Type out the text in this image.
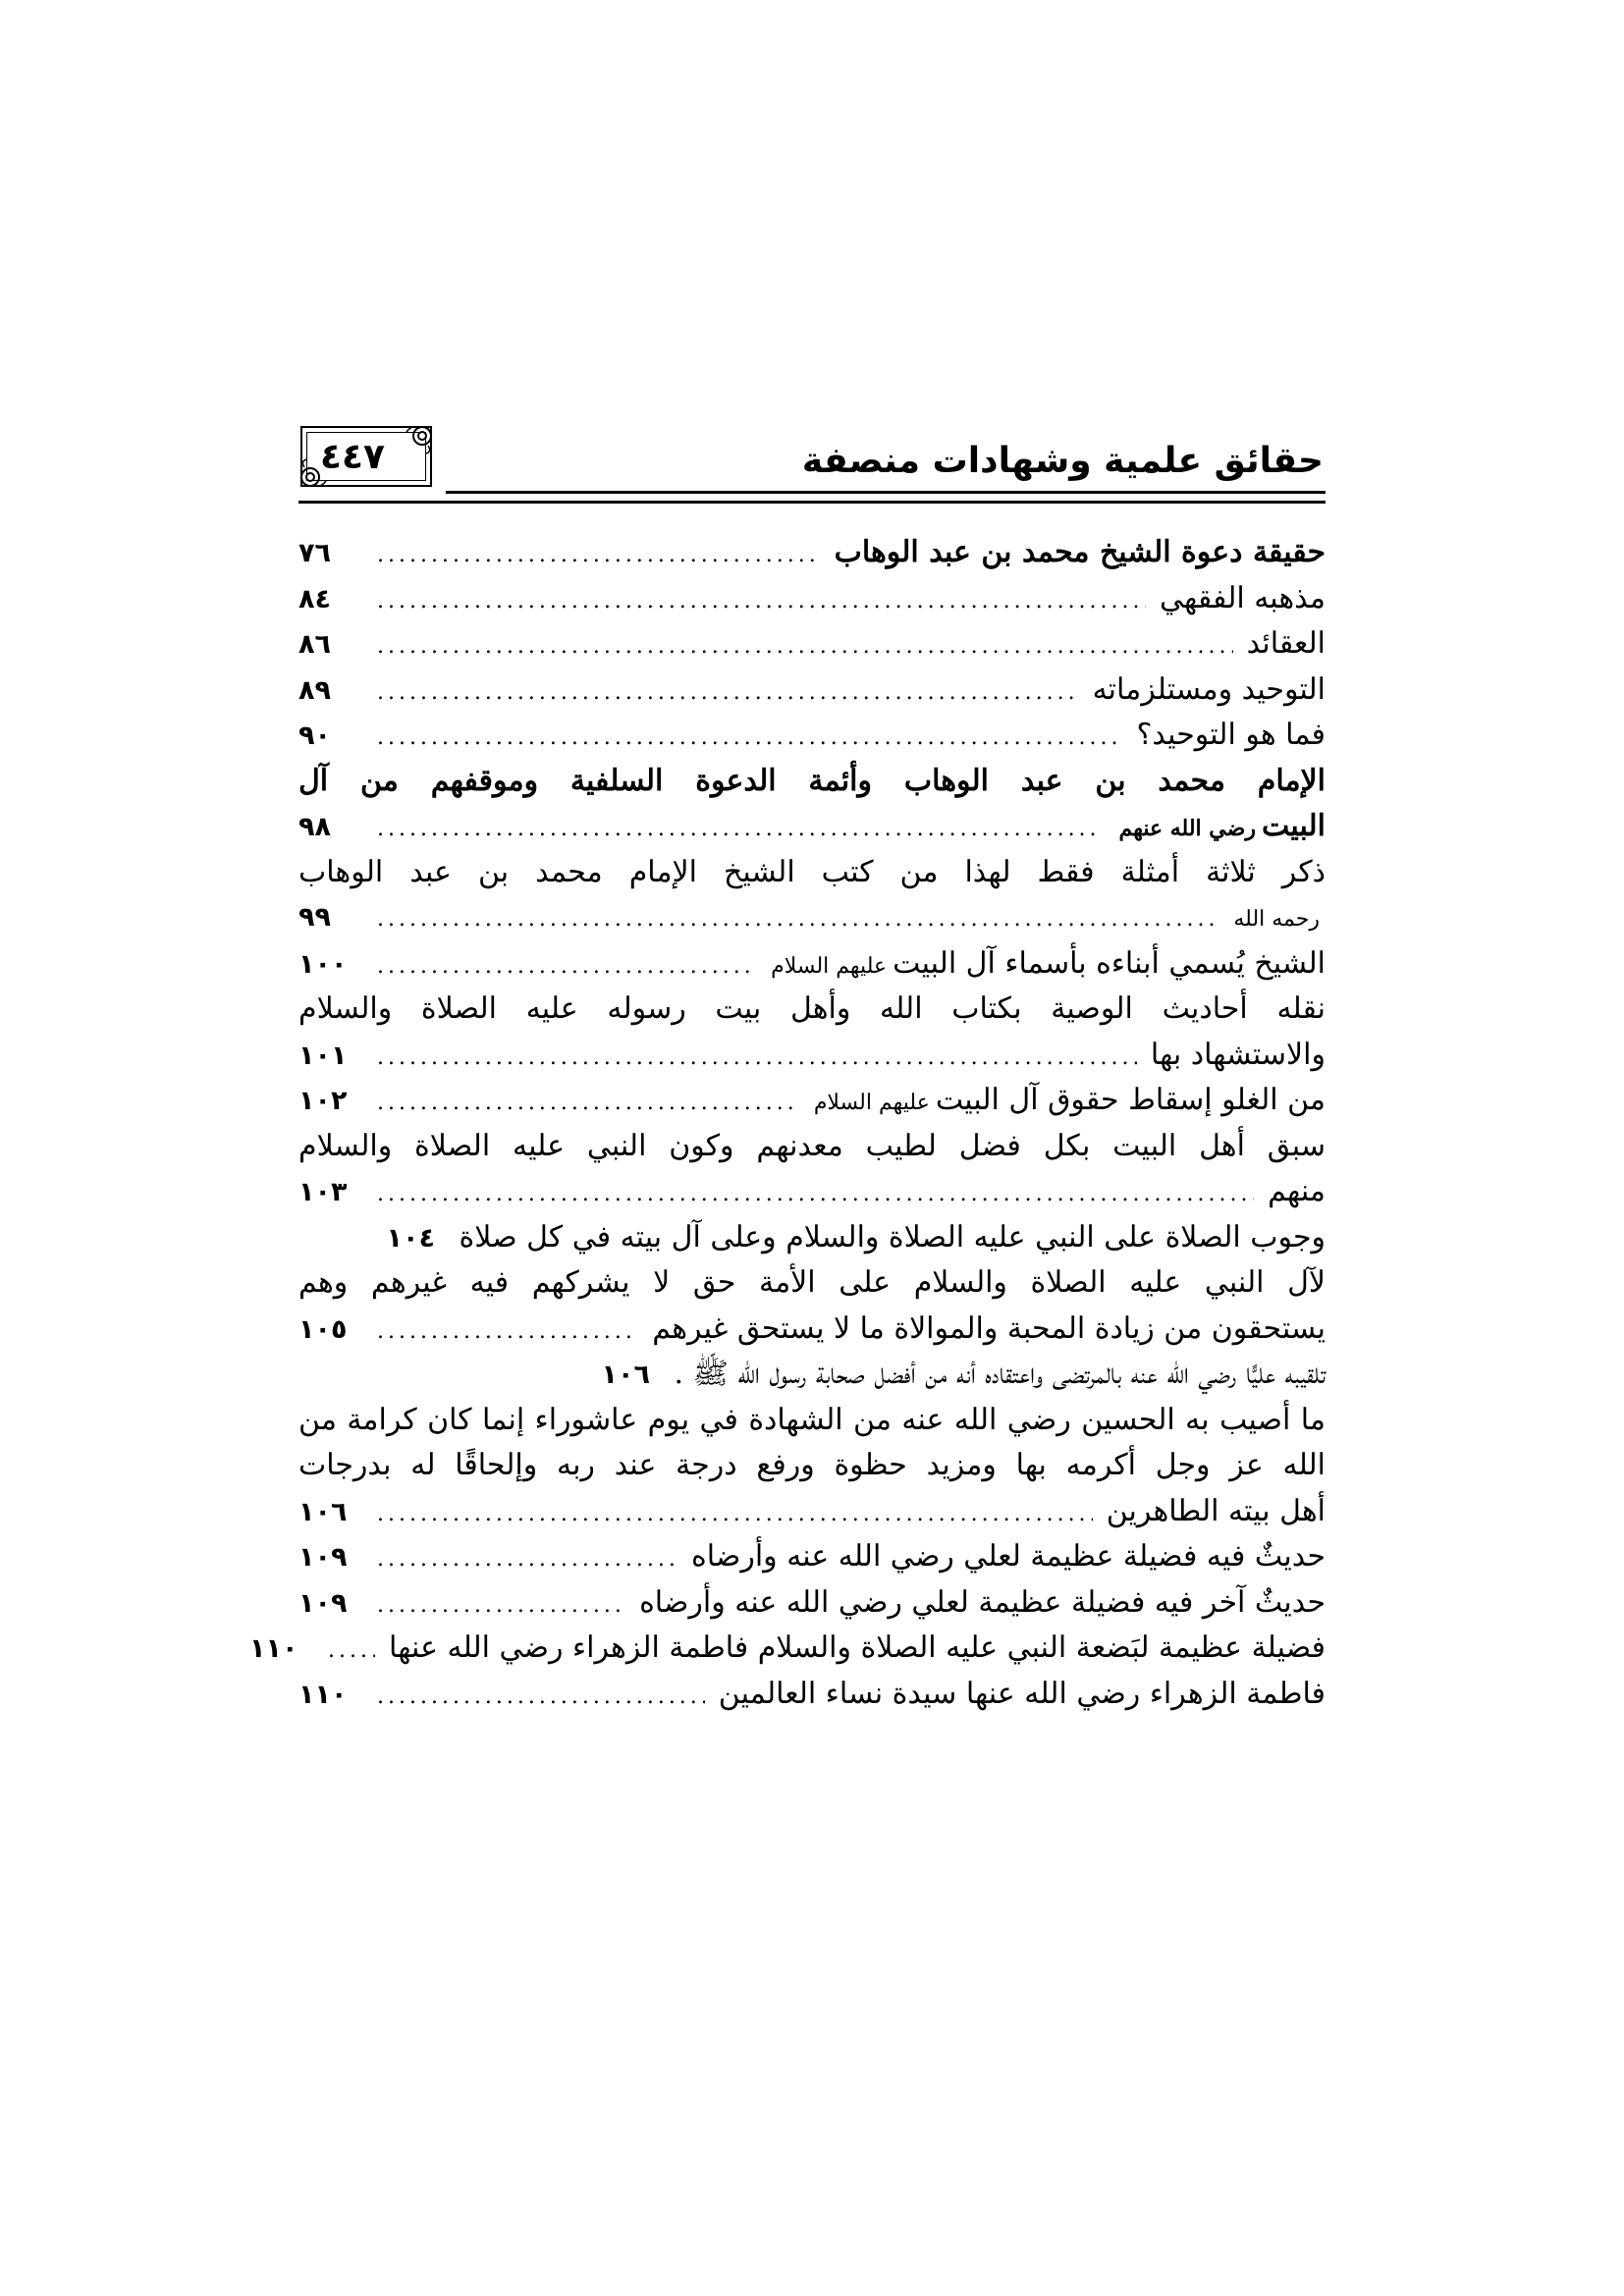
٤٤٧	حقائق علمية وشهادات منصفة
حقيقة دعوة الشيخ محمد بن عبد الوهاب
.....
٧٦
مذهبه الفقهي
.....
٨٤
العقائد
.....
٨٦
التوحيد ومستلزماته
.....
٨٩
فما هو التوحيد؟
.....
٩٠
الإمام محمد بن عبد الوهاب وأئمة الدعوة السلفية وموقفهم من آل
البيت
رضي الله عنهم
.....
٩٨
ذكر ثلاثة أمثلة فقط لهذا من كتب الشيخ الإمام محمد بن عبد الوهاب
رحمه الله
.....
٩٩
الشيخ يُسمي أبناءه بأسماء آل البيت
عليهم السلام
.....
١٠٠
نقله أحاديث الوصية بكتاب الله وأهل بيت رسوله عليه الصلاة والسلام
والاستشهاد بها
.....
١٠١
من الغلو إسقاط حقوق آل البيت
عليهم السلام
.....
١٠٢
سبق أهل البيت بكل فضل لطيب معدنهم وكون النبي عليه الصلاة والسلام
منهم
.....
١٠٣
وجوب الصلاة على النبي عليه الصلاة والسلام وعلى آل بيته في كل صلاة
١٠٤
لآل النبي عليه الصلاة والسلام على الأمة حق لا يشركهم فيه غيرهم وهم
يستحقون من زيادة المحبة والموالاة ما لا يستحق غيرهم
.....
١٠٥
تلقيبه عليًّا رضي الله عنه بالمرتضى واعتقاده أنه من أفضل صحابة رسول الله ﷺ .
١٠٦
ما أصيب به الحسين رضي الله عنه من الشهادة في يوم عاشوراء إنما كان كرامة من
الله عز وجل أكرمه بها ومزيد حظوة ورفع درجة عند ربه وإلحاقًا له بدرجات
أهل بيته الطاهرين
.....
١٠٦
حديثٌ فيه فضيلة عظيمة لعلي رضي الله عنه وأرضاه
.....
١٠٩
حديثٌ آخر فيه فضيلة عظيمة لعلي رضي الله عنه وأرضاه
.....
١٠٩
فضيلة عظيمة لبَضعة النبي عليه الصلاة والسلام فاطمة الزهراء رضي الله عنها
.....
١١٠
فاطمة الزهراء رضي الله عنها سيدة نساء العالمين
.....
١١٠
